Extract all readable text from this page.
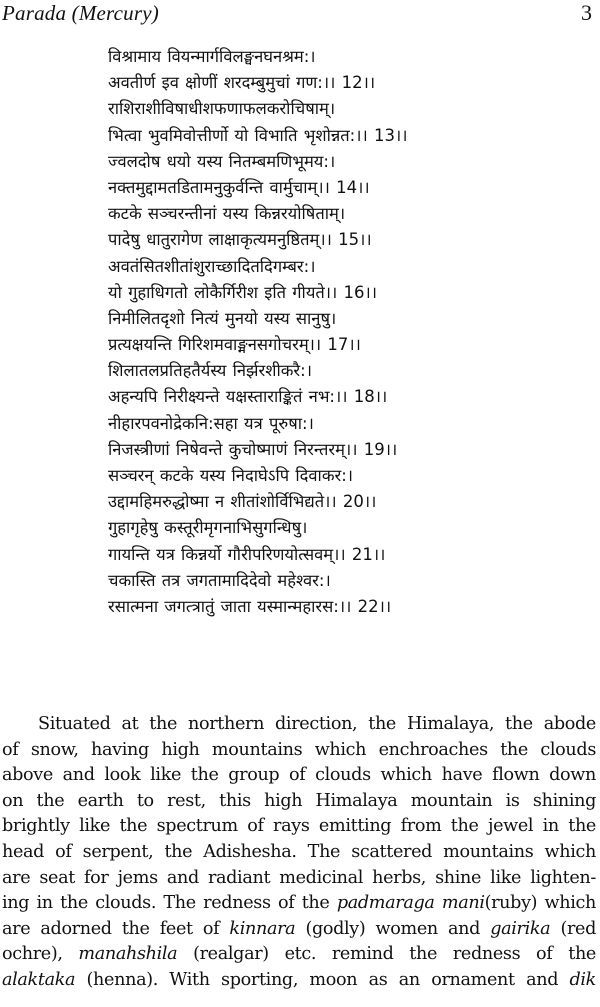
Parada (Mercury)	3
विश्रामाय वियन्मार्गविलङ्घनघनश्रम:।
अवतीर्ण इव क्षोणीं शरदम्बुमुचां गण:।। 12।।
राशिराशीविषाधीशफणाफलकरोचिषाम्।
भित्वा भुवमिवोत्तीर्णो यो विभाति भृशोन्नत:।। 13।।
ज्वलदोष धयो यस्य नितम्बमणिभूमय:।
नक्तमुद्दामतडितामनुकुर्वन्ति वार्मुचाम्।। 14।।
कटके सञ्चरन्तीनां यस्य किन्नरयोषिताम्।
पादेषु धातुरागेण लाक्षाकृत्यमनुष्ठितम्।। 15।।
अवतंसितशीतांशुराच्छादितदिगम्बर:।
यो गुहाधिगतो लोकैर्गिरीश इति गीयते।। 16।।
निमीलितदृशो नित्यं मुनयो यस्य सानुषु।
प्रत्यक्षयन्ति गिरिशमवाङ्मनसगोचरम्।। 17।।
शिलातलप्रतिहतैर्यस्य निर्झरशीकरै:।
अहन्यपि निरीक्ष्यन्ते यक्षस्ताराङ्कितं नभ:।। 18।।
नीहारपवनोद्रेकनि:सहा यत्र पूरुषा:।
निजस्त्रीणां निषेवन्ते कुचोष्माणं निरन्तरम्।। 19।।
सञ्चरन् कटके यस्य निदाघेऽपि दिवाकर:।
उद्दामहिमरुद्धोष्मा न शीतांशोर्विभिद्यते।। 20।।
गुहागृहेषु कस्तूरीमृगनाभिसुगन्धिषु।
गायन्ति यत्र किन्नर्यो गौरीपरिणयोत्सवम्।। 21।।
चकास्ति तत्र जगतामादिदेवो महेश्वर:।
रसात्मना जगत्त्रातुं जाता यस्मान्महारस:।। 22।।

Situated at the northern direction, the Himalaya, the abode
of snow, having high mountains which enchroaches the clouds
above and look like the group of clouds which have flown down
on the earth to rest, this high Himalaya mountain is shining
brightly like the spectrum of rays emitting from the jewel in the
head of serpent, the Adishesha. The scattered mountains which
are seat for jems and radiant medicinal herbs, shine like lighten-
ing in the clouds. The redness of the padmaraga mani(ruby) which
are adorned the feet of kinnara (godly) women and gairika (red
ochre), manahshila (realgar) etc. remind the redness of the
alaktaka (henna). With sporting, moon as an ornament and dik
